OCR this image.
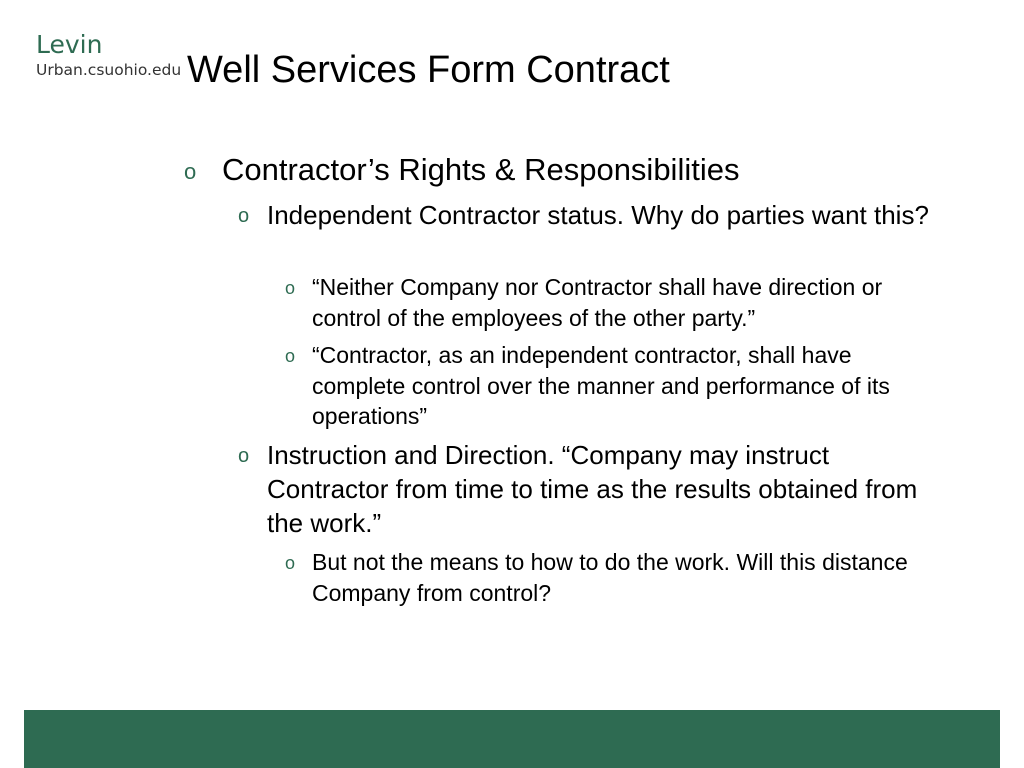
Levin
Urban.csuohio.edu Well Services Form Contract
o Contractor’s Rights & Responsibilities
o Independent Contractor status. Why do parties want this?
o “Neither Company nor Contractor shall have direction or control of the employees of the other party.”
o “Contractor, as an independent contractor, shall have complete control over the manner and performance of its operations”
o Instruction and Direction. “Company may instruct Contractor from time to time as the results obtained from the work.”
o But not the means to how to do the work. Will this distance Company from control?
